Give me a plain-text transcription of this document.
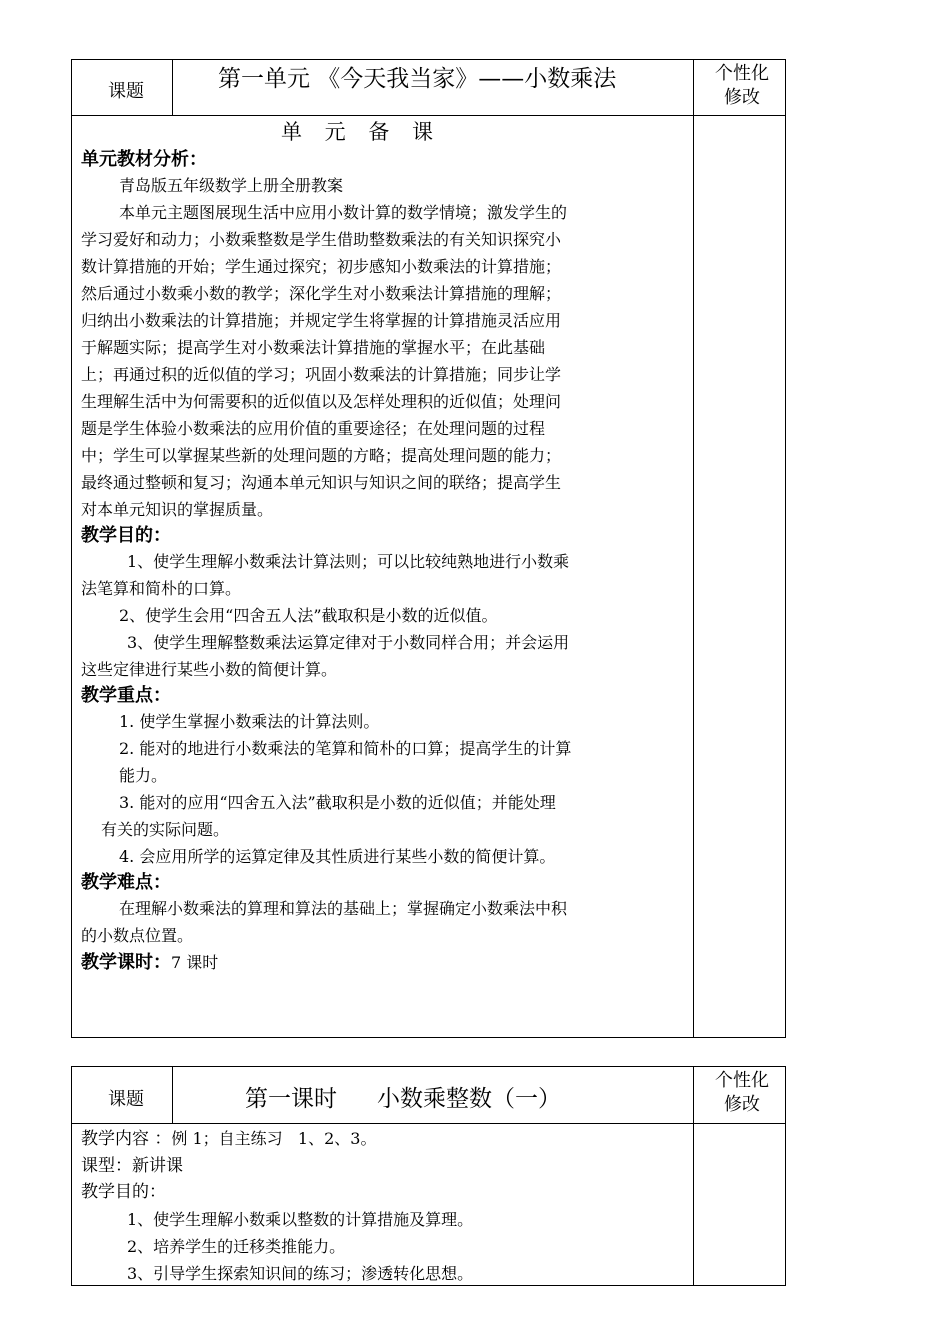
课题	第一单元 《今天我当家》——小数乘法	个性化
修改
单 元 备 课
单元教材分析：
青岛版五年级数学上册全册教案
本单元主题图展现生活中应用小数计算的数学情境；激发学生的
学习爱好和动力；小数乘整数是学生借助整数乘法的有关知识探究小
数计算措施的开始；学生通过探究；初步感知小数乘法的计算措施；
然后通过小数乘小数的教学；深化学生对小数乘法计算措施的理解；
归纳出小数乘法的计算措施；并规定学生将掌握的计算措施灵活应用
于解题实际；提高学生对小数乘法计算措施的掌握水平；在此基础
上；再通过积的近似值的学习；巩固小数乘法的计算措施；同步让学
生理解生活中为何需要积的近似值以及怎样处理积的近似值；处理问
题是学生体验小数乘法的应用价值的重要途径；在处理问题的过程
中；学生可以掌握某些新的处理问题的方略；提高处理问题的能力；
最终通过整顿和复习；沟通本单元知识与知识之间的联络；提高学生
对本单元知识的掌握质量。
教学目的：
1、使学生理解小数乘法计算法则；可以比较纯熟地进行小数乘
法笔算和简朴的口算。
2、使学生会用“四舍五人法”截取积是小数的近似值。
3、使学生理解整数乘法运算定律对于小数同样合用；并会运用
这些定律进行某些小数的简便计算。
教学重点：
1. 使学生掌握小数乘法的计算法则。
2. 能对的地进行小数乘法的笔算和简朴的口算；提高学生的计算
能力。
3. 能对的应用“四舍五入法”截取积是小数的近似值；并能处理
有关的实际问题。
4. 会应用所学的运算定律及其性质进行某些小数的简便计算。
教学难点：
在理解小数乘法的算理和算法的基础上；掌握确定小数乘法中积
的小数点位置。
教学课时：7 课时
课题	第一课时 小数乘整数（一）
个性化
修改
教学内容 ：例 1；自主练习   1、2、3。
课型：新讲课
教学目的：
1、使学生理解小数乘以整数的计算措施及算理。
2、培养学生的迁移类推能力。
3、引导学生探索知识间的练习；渗透转化思想。
